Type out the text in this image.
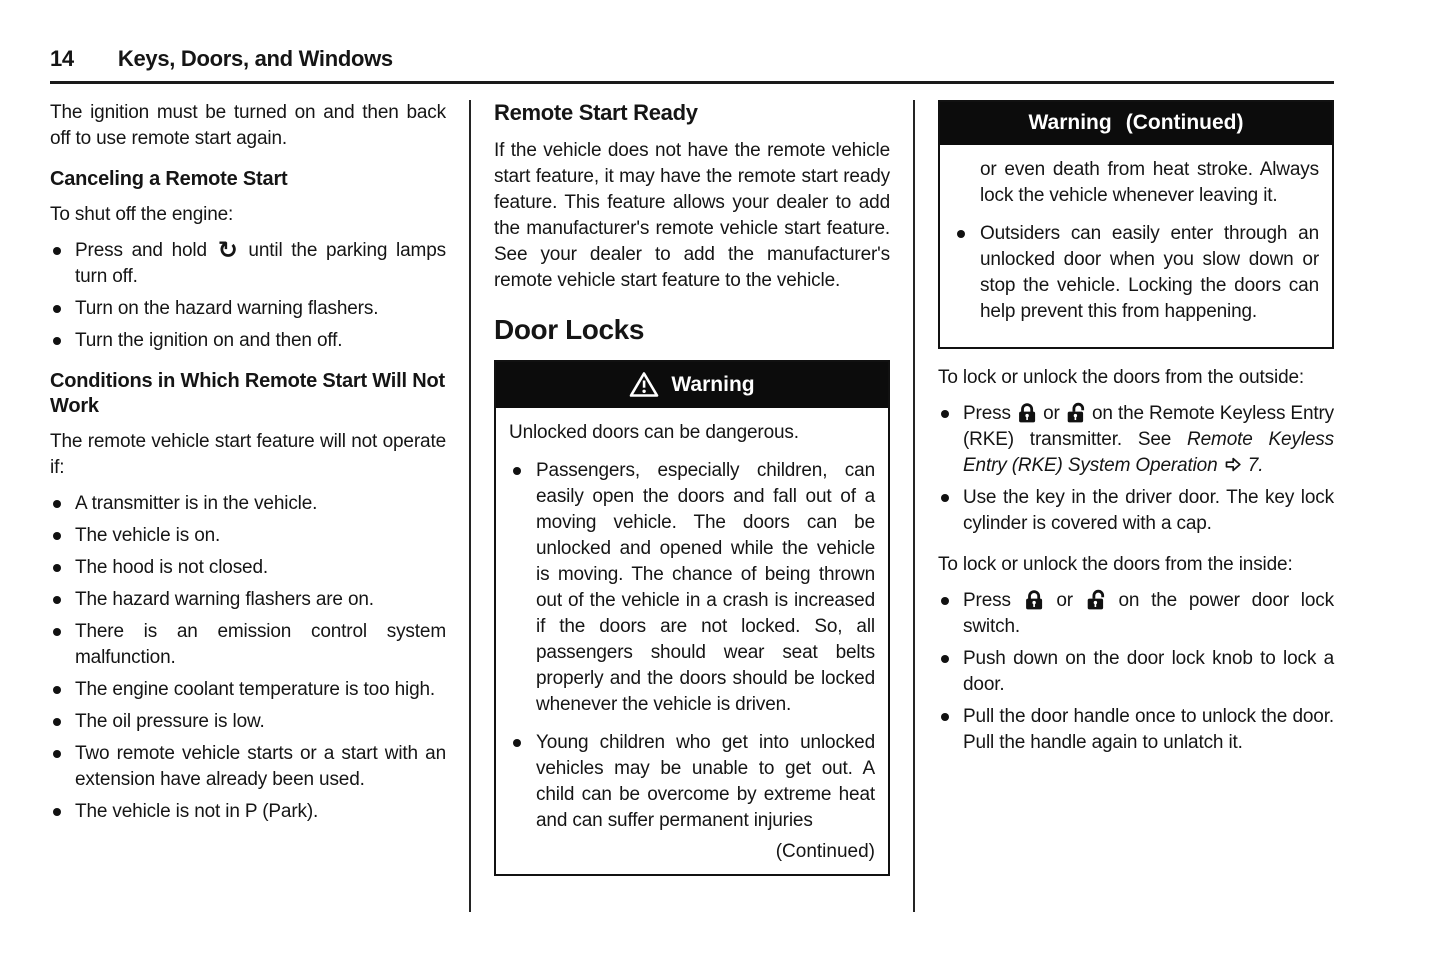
14 Keys, Doors, and Windows

The ignition must be turned on and then back off to use remote start again.

Canceling a Remote Start

To shut off the engine:

Press and hold ↻ until the parking lamps turn off.
Turn on the hazard warning flashers.
Turn the ignition on and then off.
Conditions in Which Remote Start Will Not Work

The remote vehicle start feature will not operate if:

A transmitter is in the vehicle.
The vehicle is on.
The hood is not closed.
The hazard warning flashers are on.
There is an emission control system malfunction.
The engine coolant temperature is too high.
The oil pressure is low.
Two remote vehicle starts or a start with an extension have already been used.
The vehicle is not in P (Park).
Remote Start Ready

If the vehicle does not have the remote vehicle start feature, it may have the remote start ready feature. This feature allows your dealer to add the manufacturer's remote vehicle start feature. See your dealer to add the manufacturer's remote vehicle start feature to the vehicle.

Door Locks
Warning

Unlocked doors can be dangerous.

Passengers, especially children, can easily open the doors and fall out of a moving vehicle. The doors can be unlocked and opened while the vehicle is moving. The chance of being thrown out of the vehicle in a crash is increased if the doors are not locked. So, all passengers should wear seat belts properly and the doors should be locked whenever the vehicle is driven.
Young children who get into unlocked vehicles may be unable to get out. A child can be overcome by extreme heat and can suffer permanent injuries
(Continued)
Warning (Continued)

or even death from heat stroke. Always lock the vehicle whenever leaving it.

Outsiders can easily enter through an unlocked door when you slow down or stop the vehicle. Locking the doors can help prevent this from happening.

To lock or unlock the doors from the outside:

Press or on the Remote Keyless Entry (RKE) transmitter. See Remote Keyless Entry (RKE) System Operation 7.
Use the key in the driver door. The key lock cylinder is covered with a cap.

To lock or unlock the doors from the inside:

Press or on the power door lock switch.
Push down on the door lock knob to lock a door.
Pull the door handle once to unlock the door. Pull the handle again to unlatch it.
